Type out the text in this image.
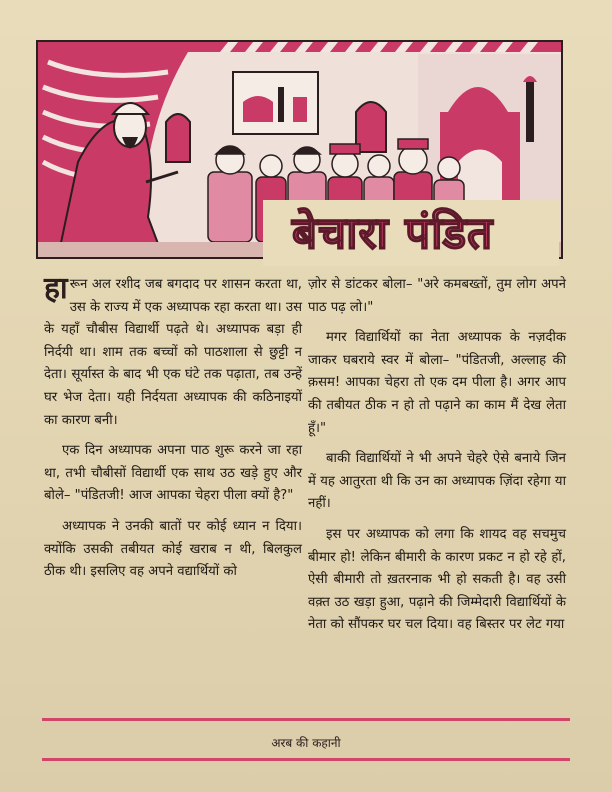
बेचारा पंडित

हारून अल रशीद जब बगदाद पर शासन करता था, उस के राज्य में एक अध्यापक रहा करता था। उस के यहाँ चौबीस विद्यार्थी पढ़ते थे। अध्यापक बड़ा ही निर्दयी था। शाम तक बच्चों को पाठशाला से छुट्टी न देता। सूर्यास्त के बाद भी एक घंटे तक पढ़ाता, तब उन्हें घर भेज देता। यही निर्दयता अध्यापक की कठिनाइयों का कारण बनी।

एक दिन अध्यापक अपना पाठ शुरू करने जा रहा था, तभी चौबीसों विद्यार्थी एक साथ उठ खड़े हुए और बोले– "पंडितजी! आज आपका चेहरा पीला क्यों है?"

अध्यापक ने उनकी बातों पर कोई ध्यान न दिया। क्योंकि उसकी तबीयत कोई खराब न थी, बिलकुल ठीक थी। इसलिए वह अपने वद्यार्थियों को

ज़ोर से डांटकर बोला– "अरे कमबख्तों, तुम लोग अपने पाठ पढ़ लो।"

मगर विद्यार्थियों का नेता अध्यापक के नज़दीक जाकर घबराये स्वर में बोला– "पंडितजी, अल्लाह की क़सम! आपका चेहरा तो एक दम पीला है। अगर आप की तबीयत ठीक न हो तो पढ़ाने का काम मैं देख लेता हूँ।"

बाकी विद्यार्थियों ने भी अपने चेहरे ऐसे बनाये जिन में यह आतुरता थी कि उन का अध्यापक ज़िंदा रहेगा या नहीं।

इस पर अध्यापक को लगा कि शायद वह सचमुच बीमार हो! लेकिन बीमारी के कारण प्रकट न हो रहे हों, ऐसी बीमारी तो ख़तरनाक भी हो सकती है। वह उसी वक़्त उठ खड़ा हुआ, पढ़ाने की जिम्मेदारी विद्यार्थियों के नेता को सौंपकर घर चल दिया। वह बिस्तर पर लेट गया

अरब की कहानी
